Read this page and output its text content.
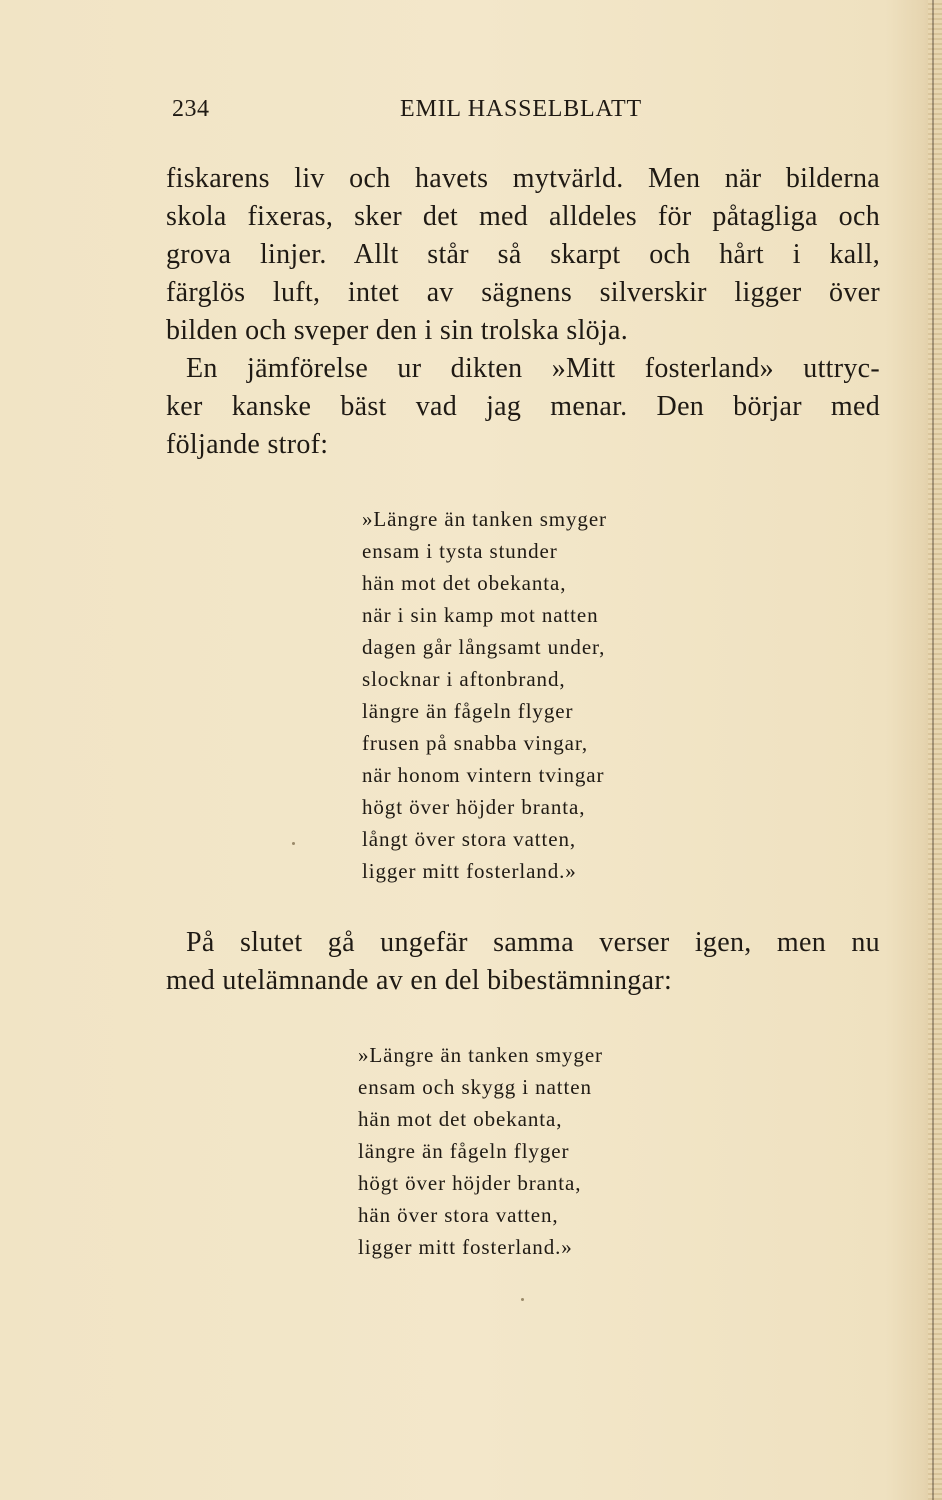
234	EMIL HASSELBLATT
fiskarens liv och havets mytvärld. Men när bilderna
skola fixeras, sker det med alldeles för påtagliga och
grova linjer. Allt står så skarpt och hårt i kall,
färglös luft, intet av sägnens silverskir ligger över
bilden och sveper den i sin trolska slöja.
En jämförelse ur dikten »Mitt fosterland» uttryc-
ker kanske bäst vad jag menar. Den börjar med
följande strof:
»Längre än tanken smyger
ensam i tysta stunder
hän mot det obekanta,
när i sin kamp mot natten
dagen går långsamt under,
slocknar i aftonbrand,
längre än fågeln flyger
frusen på snabba vingar,
när honom vintern tvingar
högt över höjder branta,
långt över stora vatten,
ligger mitt fosterland.»
På slutet gå ungefär samma verser igen, men nu
med utelämnande av en del bibestämningar:
»Längre än tanken smyger
ensam och skygg i natten
hän mot det obekanta,
längre än fågeln flyger
högt över höjder branta,
hän över stora vatten,
ligger mitt fosterland.»
